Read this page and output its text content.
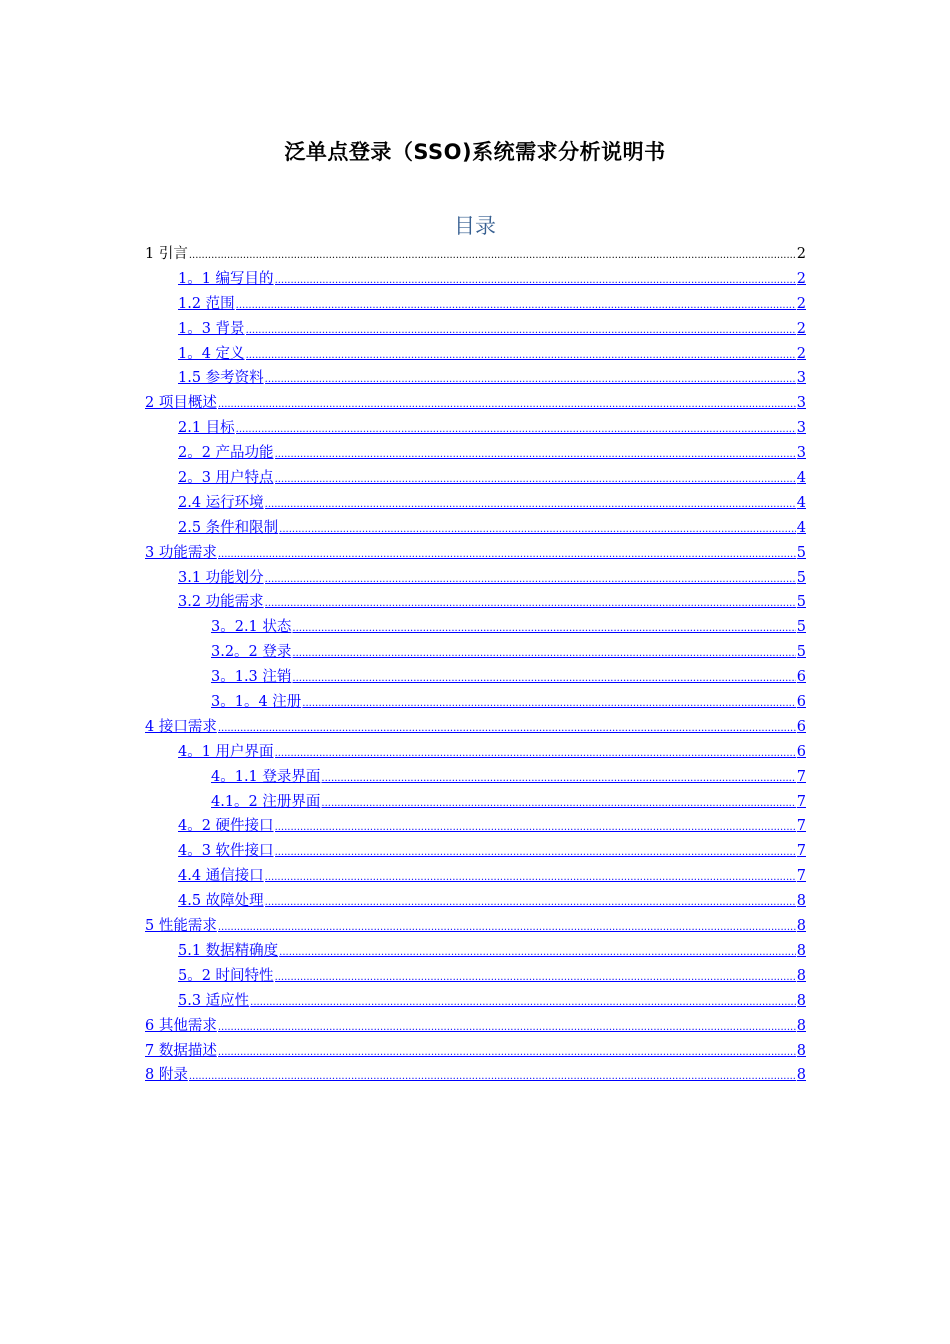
泛单点登录（SSO)系统需求分析说明书
目录
1 引言 .....	2
1。1 编写目的 .....	2
1.2 范围 .....	2
1。3 背景 .....	2
1。4 定义 .....	2
1.5 参考资料 .....	3
2 项目概述 .....	3
2.1 目标 .....	3
2。2 产品功能 .....	3
2。3 用户特点 .....	4
2.4 运行环境 .....	4
2.5 条件和限制 .....	4
3 功能需求 .....	5
3.1 功能划分 .....	5
3.2 功能需求 .....	5
3。2.1 状态 .....	5
3.2。2 登录 .....	5
3。1.3 注销 .....	6
3。1。4 注册 .....	6
4 接口需求 .....	6
4。1 用户界面 .....	6
4。1.1 登录界面 .....	7
4.1。2 注册界面 .....	7
4。2 硬件接口 .....	7
4。3 软件接口 .....	7
4.4 通信接口 .....	7
4.5 故障处理 .....	8
5 性能需求 .....	8
5.1 数据精确度 .....	8
5。2 时间特性 .....	8
5.3 适应性 .....	8
6 其他需求 .....	8
7 数据描述 .....	8
8 附录 .....	8
